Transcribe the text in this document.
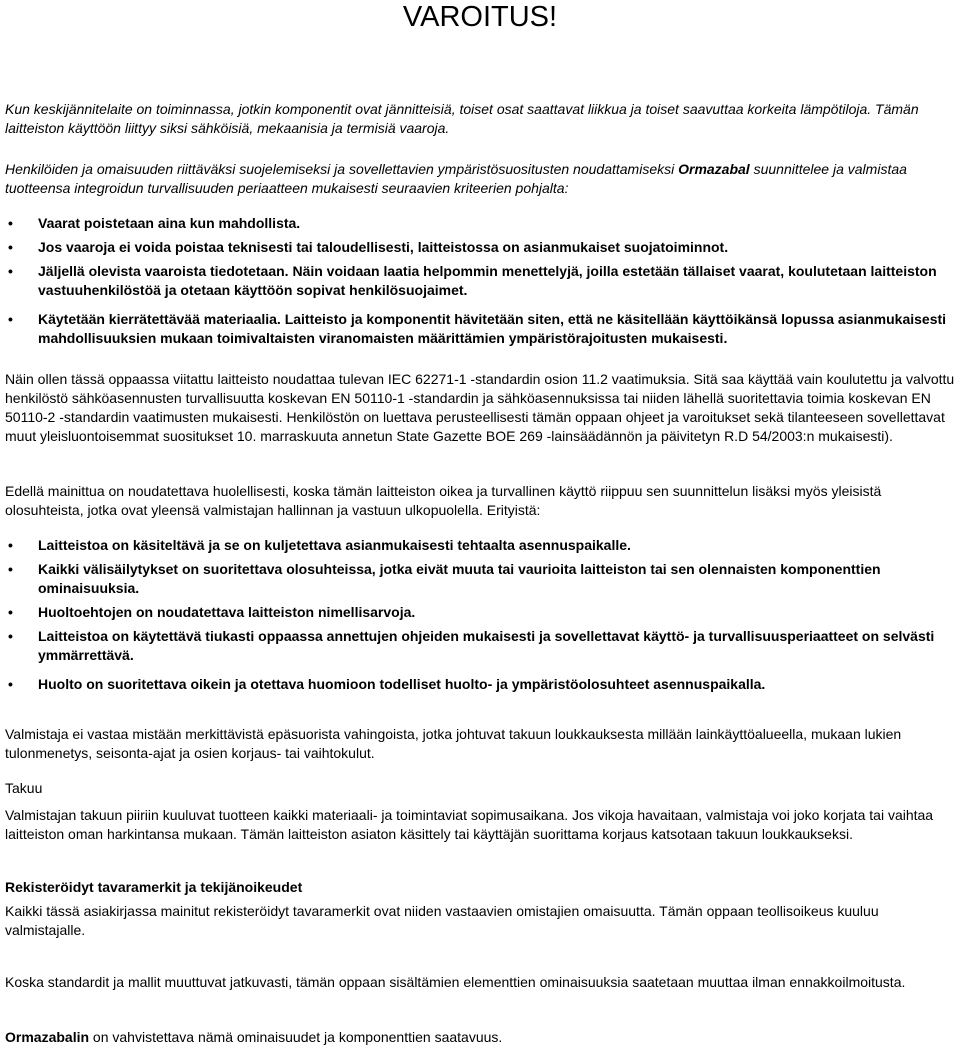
VAROITUS!

Kun keskijännitelaite on toiminnassa, jotkin komponentit ovat jännitteisiä, toiset osat saattavat liikkua ja toiset saavuttaa korkeita lämpötiloja. Tämän laitteiston käyttöön liittyy siksi sähköisiä, mekaanisia ja termisiä vaaroja.

Henkilöiden ja omaisuuden riittäväksi suojelemiseksi ja sovellettavien ympäristösuositusten noudattamiseksi Ormazabal suunnittelee ja valmistaa tuotteensa integroidun turvallisuuden periaatteen mukaisesti seuraavien kriteerien pohjalta:

• Vaarat poistetaan aina kun mahdollista.
• Jos vaaroja ei voida poistaa teknisesti tai taloudellisesti, laitteistossa on asianmukaiset suojatoiminnot.
• Jäljellä olevista vaaroista tiedotetaan. Näin voidaan laatia helpommin menettelyjä, joilla estetään tällaiset vaarat, koulutetaan laitteiston vastuuhenkilöstöä ja otetaan käyttöön sopivat henkilösuojaimet.
• Käytetään kierrätettävää materiaalia. Laitteisto ja komponentit hävitetään siten, että ne käsitellään käyttöikänsä lopussa asianmukaisesti mahdollisuuksien mukaan toimivaltaisten viranomaisten määrittämien ympäristörajoitusten mukaisesti.

Näin ollen tässä oppaassa viitattu laitteisto noudattaa tulevan IEC 62271-1 -standardin osion 11.2 vaatimuksia. Sitä saa käyttää vain koulutettu ja valvottu henkilöstö sähköasennusten turvallisuutta koskevan EN 50110-1 -standardin ja sähköasennuksissa tai niiden lähellä suoritettavia toimia koskevan EN 50110-2 -standardin vaatimusten mukaisesti. Henkilöstön on luettava perusteellisesti tämän oppaan ohjeet ja varoitukset sekä tilanteeseen sovellettavat muut yleisluontoisemmat suositukset 10. marraskuuta annetun State Gazette BOE 269 -lainsäädännön ja päivitetyn R.D 54/2003:n mukaisesti).

Edellä mainittua on noudatettava huolellisesti, koska tämän laitteiston oikea ja turvallinen käyttö riippuu sen suunnittelun lisäksi myös yleisistä olosuhteista, jotka ovat yleensä valmistajan hallinnan ja vastuun ulkopuolella. Erityistä:

• Laitteistoa on käsiteltävä ja se on kuljetettava asianmukaisesti tehtaalta asennuspaikalle.
• Kaikki välisäilytykset on suoritettava olosuhteissa, jotka eivät muuta tai vaurioita laitteiston tai sen olennaisten komponenttien ominaisuuksia.
• Huoltoehtojen on noudatettava laitteiston nimellisarvoja.
• Laitteistoa on käytettävä tiukasti oppaassa annettujen ohjeiden mukaisesti ja sovellettavat käyttö- ja turvallisuusperiaatteet on selvästi ymmärrettävä.
• Huolto on suoritettava oikein ja otettava huomioon todelliset huolto- ja ympäristöolosuhteet asennuspaikalla.

Valmistaja ei vastaa mistään merkittävistä epäsuorista vahingoista, jotka johtuvat takuun loukkauksesta millään lainkäyttöalueella, mukaan lukien tulonmenetys, seisonta-ajat ja osien korjaus- tai vaihtokulut.

Takuu

Valmistajan takuun piiriin kuuluvat tuotteen kaikki materiaali- ja toimintaviat sopimusaikana. Jos vikoja havaitaan, valmistaja voi joko korjata tai vaihtaa laitteiston oman harkintansa mukaan. Tämän laitteiston asiaton käsittely tai käyttäjän suorittama korjaus katsotaan takuun loukkaukseksi.

Rekisteröidyt tavaramerkit ja tekijänoikeudet

Kaikki tässä asiakirjassa mainitut rekisteröidyt tavaramerkit ovat niiden vastaavien omistajien omaisuutta. Tämän oppaan teollisoikeus kuuluu valmistajalle.

Koska standardit ja mallit muuttuvat jatkuvasti, tämän oppaan sisältämien elementtien ominaisuuksia saatetaan muuttaa ilman ennakkoilmoitusta.

Ormazabalin on vahvistettava nämä ominaisuudet ja komponenttien saatavuus.
